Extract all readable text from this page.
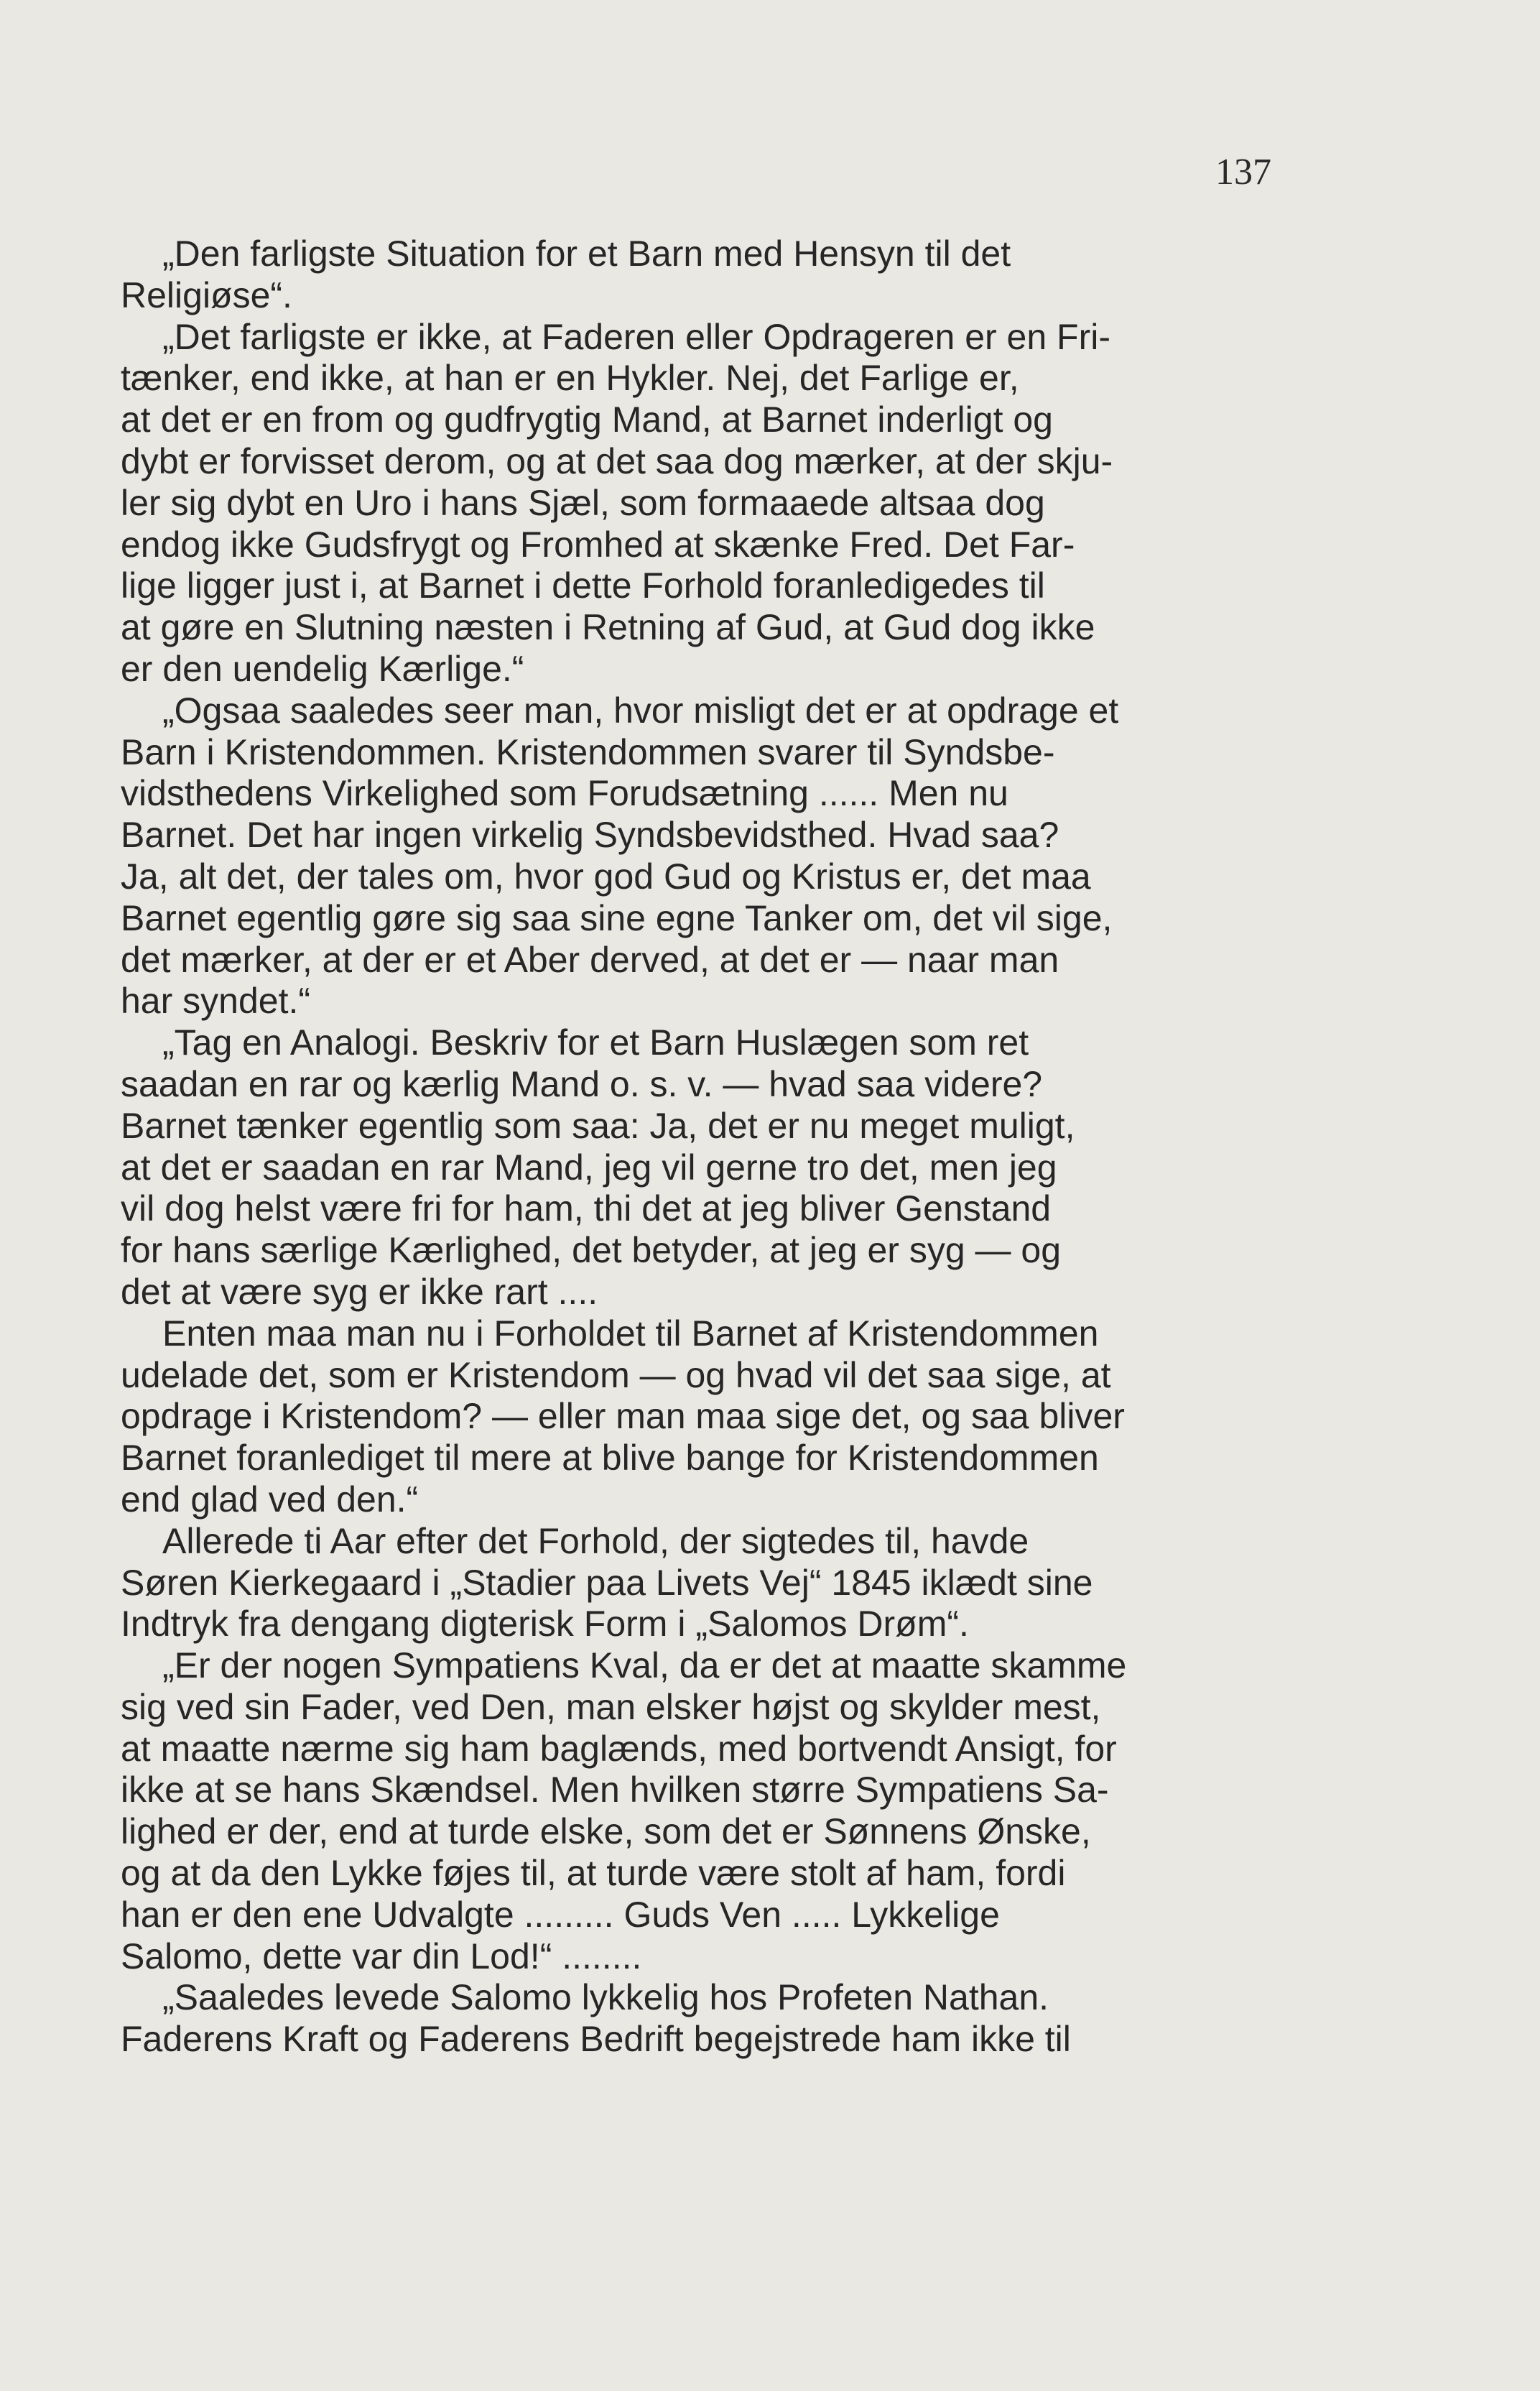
137
„Den farligste Situation for et Barn med Hensyn til det
Religiøse“.
„Det farligste er ikke, at Faderen eller Opdrageren er en Fri-
tænker, end ikke, at han er en Hykler. Nej, det Farlige er,
at det er en from og gudfrygtig Mand, at Barnet inderligt og
dybt er forvisset derom, og at det saa dog mærker, at der skju-
ler sig dybt en Uro i hans Sjæl, som formaaede altsaa dog
endog ikke Gudsfrygt og Fromhed at skænke Fred. Det Far-
lige ligger just i, at Barnet i dette Forhold foranledigedes til
at gøre en Slutning næsten i Retning af Gud, at Gud dog ikke
er den uendelig Kærlige.“
„Ogsaa saaledes seer man, hvor misligt det er at opdrage et
Barn i Kristendommen. Kristendommen svarer til Syndsbe-
vidsthedens Virkelighed som Forudsætning ...... Men nu
Barnet. Det har ingen virkelig Syndsbevidsthed. Hvad saa?
Ja, alt det, der tales om, hvor god Gud og Kristus er, det maa
Barnet egentlig gøre sig saa sine egne Tanker om, det vil sige,
det mærker, at der er et Aber derved, at det er — naar man
har syndet.“
„Tag en Analogi. Beskriv for et Barn Huslægen som ret
saadan en rar og kærlig Mand o. s. v. — hvad saa videre?
Barnet tænker egentlig som saa: Ja, det er nu meget muligt,
at det er saadan en rar Mand, jeg vil gerne tro det, men jeg
vil dog helst være fri for ham, thi det at jeg bliver Genstand
for hans særlige Kærlighed, det betyder, at jeg er syg — og
det at være syg er ikke rart ....
Enten maa man nu i Forholdet til Barnet af Kristendommen
udelade det, som er Kristendom — og hvad vil det saa sige, at
opdrage i Kristendom? — eller man maa sige det, og saa bliver
Barnet foranlediget til mere at blive bange for Kristendommen
end glad ved den.“
Allerede ti Aar efter det Forhold, der sigtedes til, havde
Søren Kierkegaard i „Stadier paa Livets Vej“ 1845 iklædt sine
Indtryk fra dengang digterisk Form i „Salomos Drøm“.
„Er der nogen Sympatiens Kval, da er det at maatte skamme
sig ved sin Fader, ved Den, man elsker højst og skylder mest,
at maatte nærme sig ham baglænds, med bortvendt Ansigt, for
ikke at se hans Skændsel. Men hvilken større Sympatiens Sa-
lighed er der, end at turde elske, som det er Sønnens Ønske,
og at da den Lykke føjes til, at turde være stolt af ham, fordi
han er den ene Udvalgte ......... Guds Ven ..... Lykkelige
Salomo, dette var din Lod!“ ........
„Saaledes levede Salomo lykkelig hos Profeten Nathan.
Faderens Kraft og Faderens Bedrift begejstrede ham ikke til
